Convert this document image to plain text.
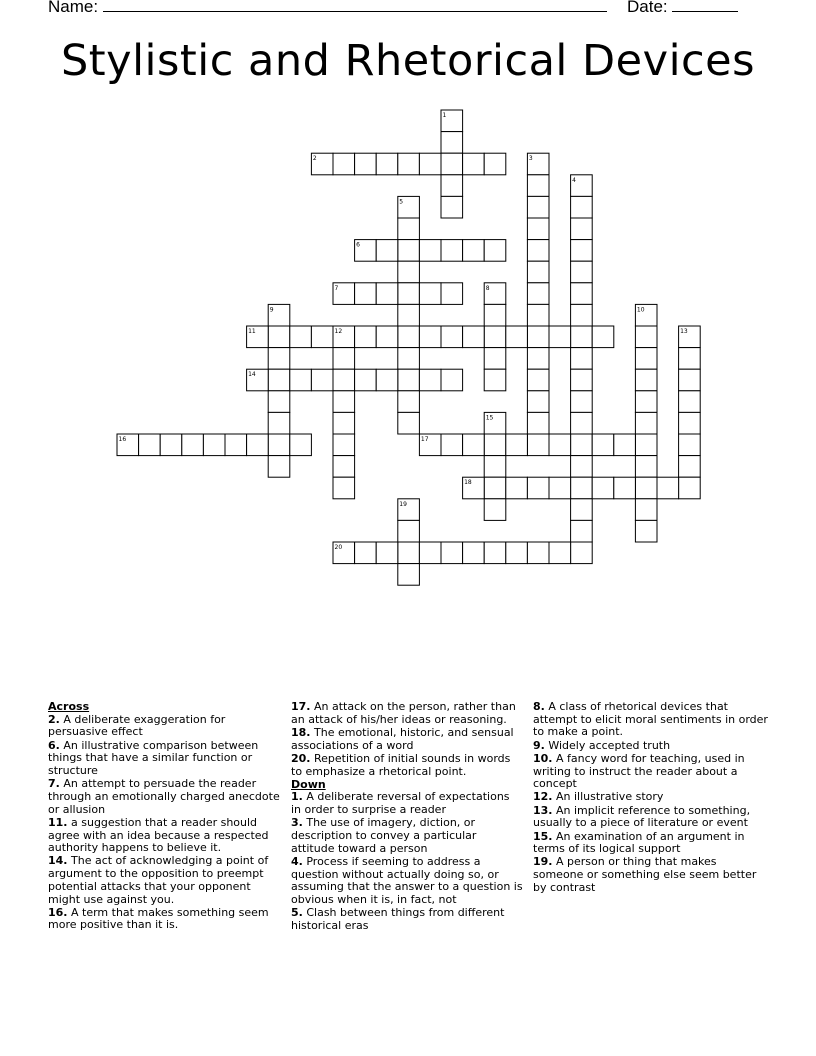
Name:	Date:
Stylistic and Rhetorical Devices
1
2	3
4
5
6
7	8
9	10
11	12	13
14
15
16	17
18
19
20
Across
2. A deliberate exaggeration for persuasive effect
6. An illustrative comparison between things that have a similar function or structure
7. An attempt to persuade the reader through an emotionally charged anecdote or allusion
11. a suggestion that a reader should agree with an idea because a respected authority happens to believe it.
14. The act of acknowledging a point of argument to the opposition to preempt potential attacks that your opponent might use against you.
16. A term that makes something seem more positive than it is.
17. An attack on the person, rather than an attack of his/her ideas or reasoning.
18. The emotional, historic, and sensual associations of a word
20. Repetition of initial sounds in words to emphasize a rhetorical point.
Down
1. A deliberate reversal of expectations in order to surprise a reader
3. The use of imagery, diction, or description to convey a particular attitude toward a person
4. Process if seeming to address a question without actually doing so, or assuming that the answer to a question is obvious when it is, in fact, not
5. Clash between things from different historical eras
8. A class of rhetorical devices that attempt to elicit moral sentiments in order to make a point.
9. Widely accepted truth
10. A fancy word for teaching, used in writing to instruct the reader about a concept
12. An illustrative story
13. An implicit reference to something, usually to a piece of literature or event
15. An examination of an argument in terms of its logical support
19. A person or thing that makes someone or something else seem better by contrast
